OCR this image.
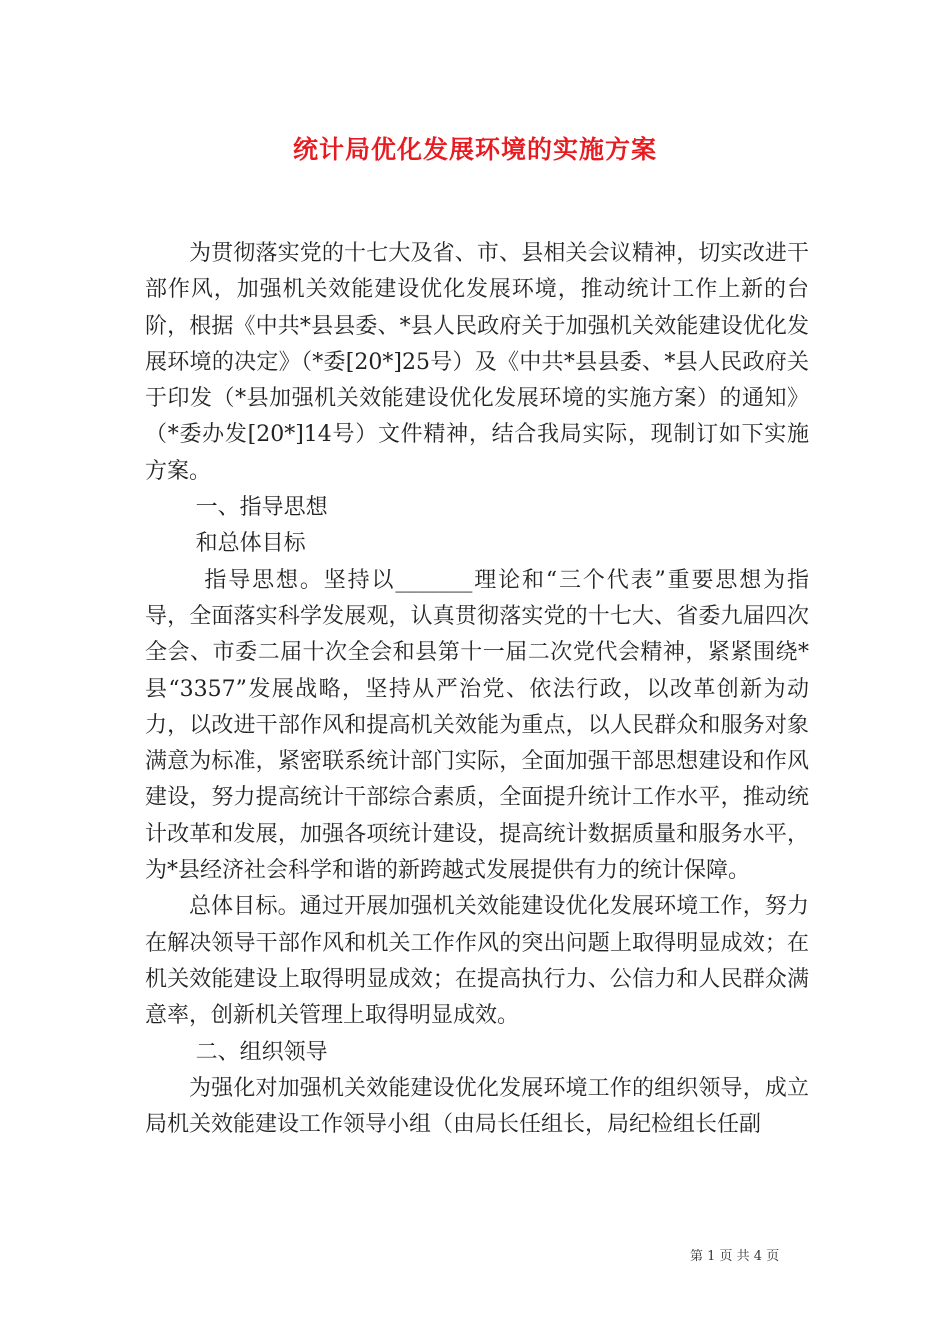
统计局优化发展环境的实施方案

为贯彻落实党的十七大及省、市、县相关会议精神，切实改进干部作风，加强机关效能建设优化发展环境，推动统计工作上新的台阶，根据《中共*县县委、*县人民政府关于加强机关效能建设优化发展环境的决定》（*委[20*]25号）及《中共*县县委、*县人民政府关于印发（*县加强机关效能建设优化发展环境的实施方案）的通知》（*委办发[20*]14号）文件精神，结合我局实际，现制订如下实施方案。

一、指导思想

和总体目标

指导思想。坚持以_______理论和“三个代表”重要思想为指导，全面落实科学发展观，认真贯彻落实党的十七大、省委九届四次全会、市委二届十次全会和县第十一届二次党代会精神，紧紧围绕*县“3357”发展战略，坚持从严治党、依法行政，以改革创新为动力，以改进干部作风和提高机关效能为重点，以人民群众和服务对象满意为标准，紧密联系统计部门实际，全面加强干部思想建设和作风建设，努力提高统计干部综合素质，全面提升统计工作水平，推动统计改革和发展，加强各项统计建设，提高统计数据质量和服务水平，为*县经济社会科学和谐的新跨越式发展提供有力的统计保障。

总体目标。通过开展加强机关效能建设优化发展环境工作，努力在解决领导干部作风和机关工作作风的突出问题上取得明显成效；在机关效能建设上取得明显成效；在提高执行力、公信力和人民群众满意率，创新机关管理上取得明显成效。

二、组织领导

为强化对加强机关效能建设优化发展环境工作的组织领导，成立局机关效能建设工作领导小组（由局长任组长，局纪检组长任副

第 1 页 共 4 页
